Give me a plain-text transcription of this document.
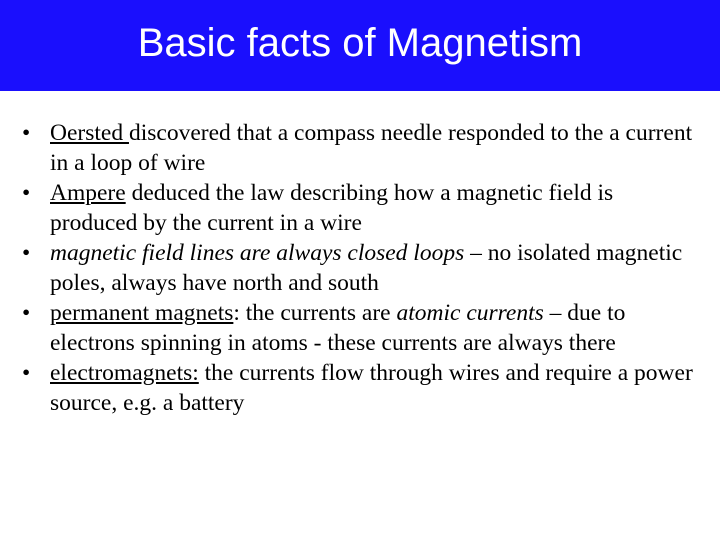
Basic facts of Magnetism
• Oersted discovered that a compass needle responded to the a current in a loop of wire
• Ampere deduced the law describing how a magnetic field is produced by the current in a wire
• magnetic field lines are always closed loops – no isolated magnetic poles, always have north and south
• permanent magnets: the currents are atomic currents – due to electrons spinning in atoms - these currents are always there
• electromagnets: the currents flow through wires and require a power source, e.g. a battery
